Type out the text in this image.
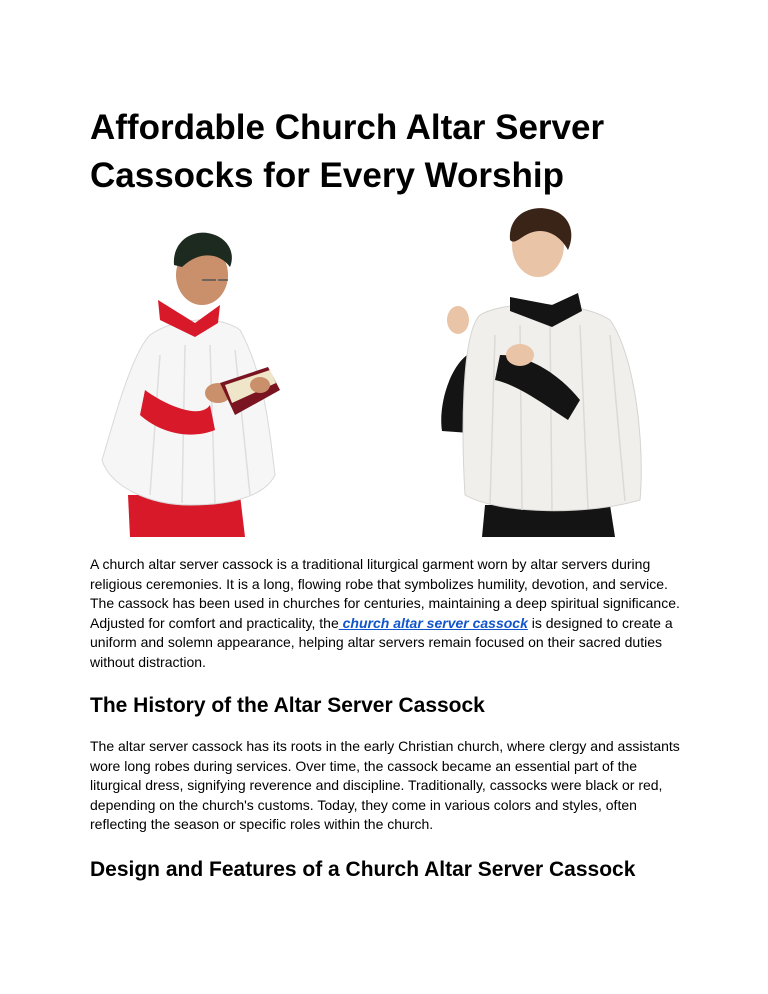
Affordable Church Altar Server Cassocks for Every Worship

A church altar server cassock is a traditional liturgical garment worn by altar servers during religious ceremonies. It is a long, flowing robe that symbolizes humility, devotion, and service. The cassock has been used in churches for centuries, maintaining a deep spiritual significance. Adjusted for comfort and practicality, the church altar server cassock is designed to create a uniform and solemn appearance, helping altar servers remain focused on their sacred duties without distraction.

The History of the Altar Server Cassock

The altar server cassock has its roots in the early Christian church, where clergy and assistants wore long robes during services. Over time, the cassock became an essential part of the liturgical dress, signifying reverence and discipline. Traditionally, cassocks were black or red, depending on the church's customs. Today, they come in various colors and styles, often reflecting the season or specific roles within the church.

Design and Features of a Church Altar Server Cassock
